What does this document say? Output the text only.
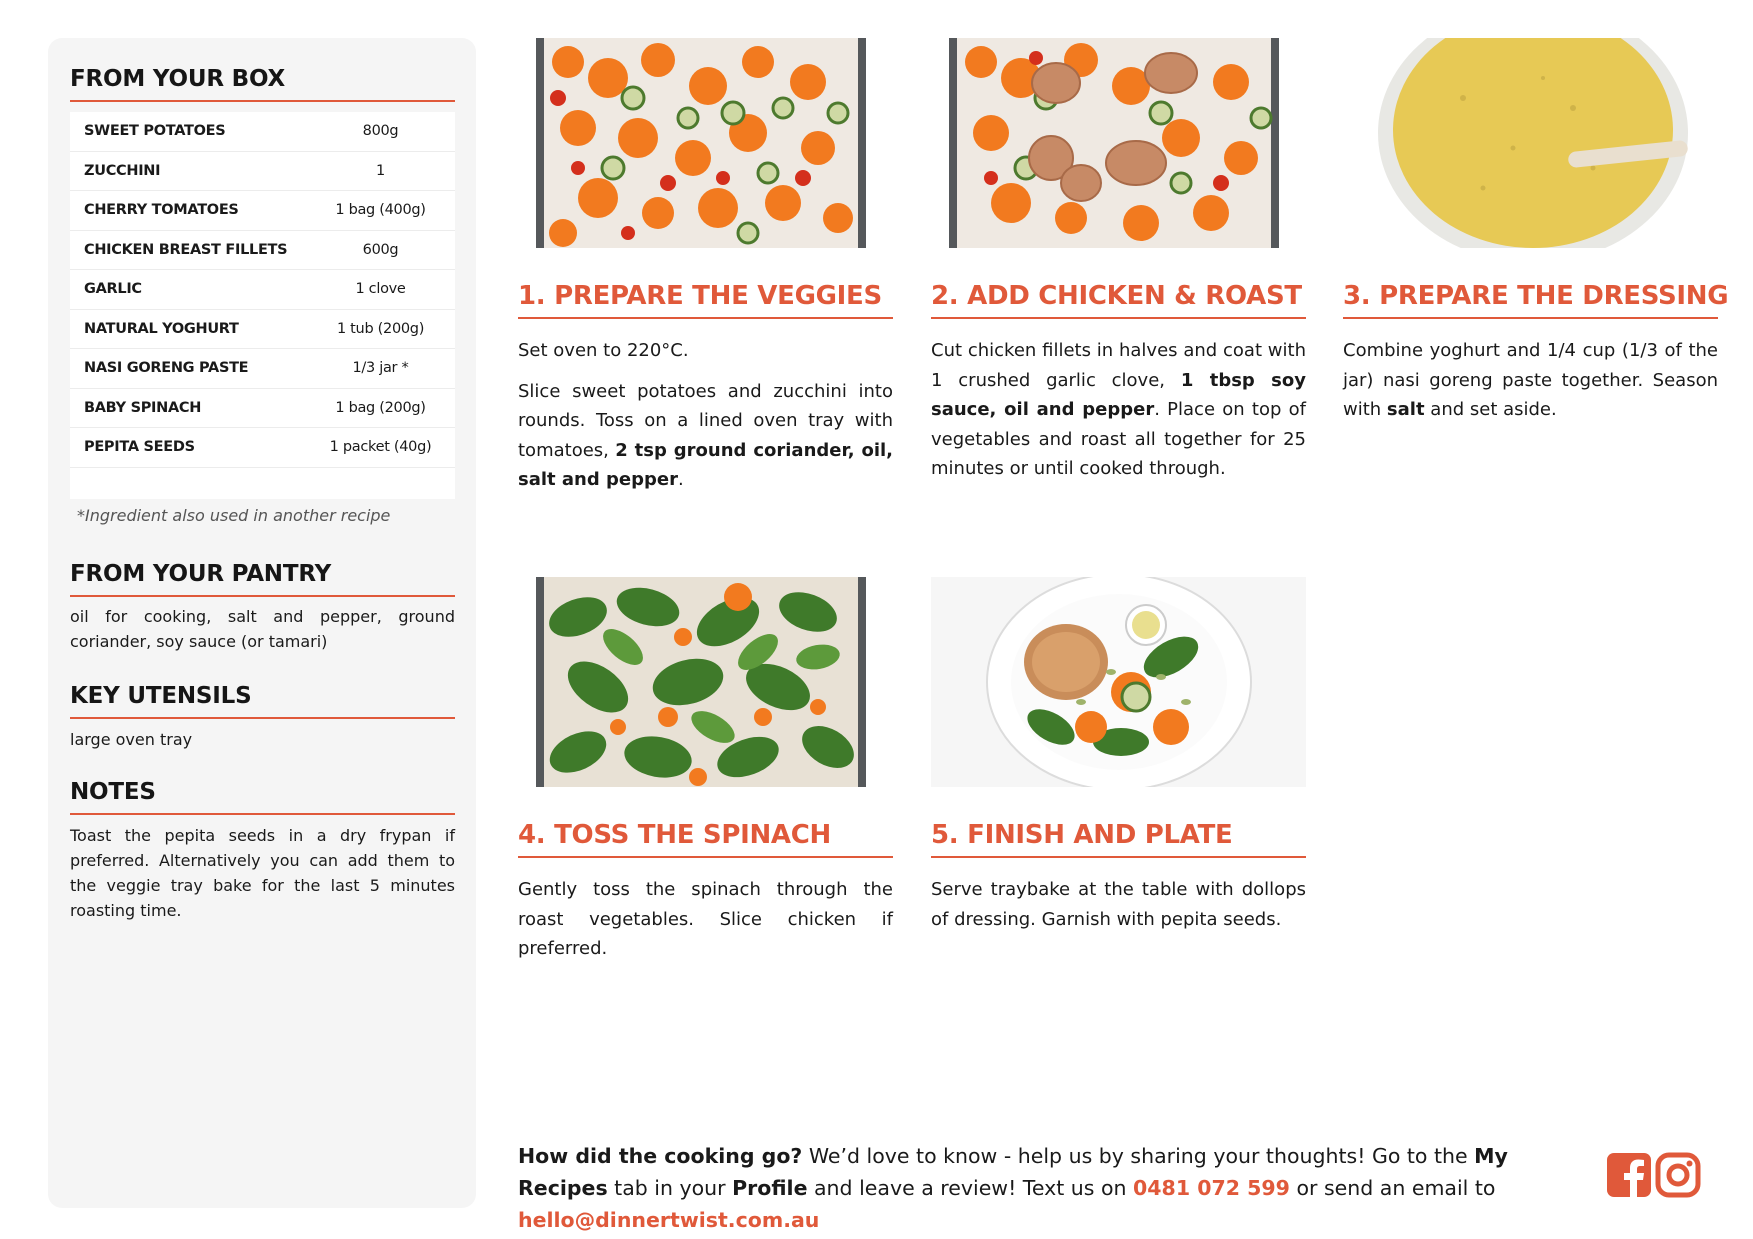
FROM YOUR BOX
SWEET POTATOES	800g
ZUCCHINI	1
CHERRY TOMATOES	1 bag (400g)
CHICKEN BREAST FILLETS	600g
GARLIC	1 clove
NATURAL YOGHURT	1 tub (200g)
NASI GORENG PASTE	1/3 jar *
BABY SPINACH	1 bag (200g)
PEPITA SEEDS	1 packet (40g)
*Ingredient also used in another recipe
FROM YOUR PANTRY
oil for cooking, salt and pepper, ground coriander, soy sauce (or tamari)
KEY UTENSILS
large oven tray
NOTES
Toast the pepita seeds in a dry frypan if preferred. Alternatively you can add them to the veggie tray bake for the last 5 minutes roasting time.
1. PREPARE THE VEGGIES

Set oven to 220°C.

Slice sweet potatoes and zucchini into rounds. Toss on a lined oven tray with tomatoes, 2 tsp ground coriander, oil, salt and pepper.

2. ADD CHICKEN & ROAST

Cut chicken fillets in halves and coat with 1 crushed garlic clove, 1 tbsp soy sauce, oil and pepper. Place on top of vegetables and roast all together for 25 minutes or until cooked through.

3. PREPARE THE DRESSING

Combine yoghurt and 1/4 cup (1/3 of the jar) nasi goreng paste together. Season with salt and set aside.

4. TOSS THE SPINACH

Gently toss the spinach through the roast vegetables. Slice chicken if preferred.

5. FINISH AND PLATE

Serve traybake at the table with dollops of dressing. Garnish with pepita seeds.

How did the cooking go? We’d love to know - help us by sharing your thoughts! Go to the My Recipes tab in your Profile and leave a review! Text us on 0481 072 599 or send an email to hello@dinnertwist.com.au
